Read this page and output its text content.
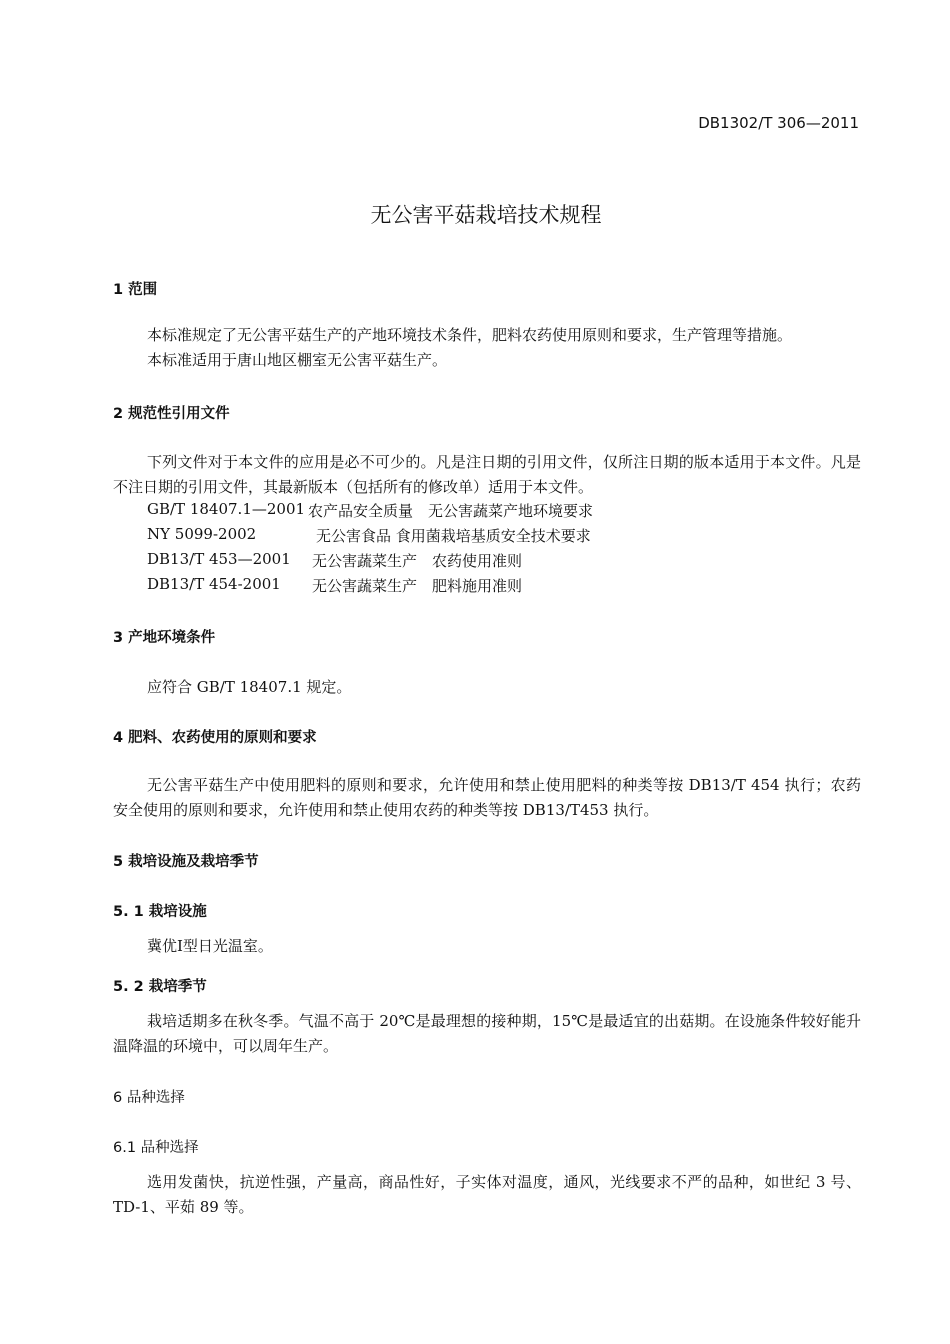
DB1302/T 306—2011
无公害平菇栽培技术规程
1 范围
本标准规定了无公害平菇生产的产地环境技术条件，肥料农药使用原则和要求，生产管理等措施。
本标准适用于唐山地区棚室无公害平菇生产。
2 规范性引用文件
下列文件对于本文件的应用是必不可少的。凡是注日期的引用文件，仅所注日期的版本适用于本文件。凡是不注日期的引用文件，其最新版本（包括所有的修改单）适用于本文件。
GB/T 18407.1—2001 农产品安全质量　无公害蔬菜产地环境要求
NY 5099-2002	无公害食品 食用菌栽培基质安全技术要求
DB13/T 453—2001 无公害蔬菜生产　农药使用准则
DB13/T 454-2001 无公害蔬菜生产　肥料施用准则
3 产地环境条件
应符合 GB/T 18407.1 规定。
4 肥料、农药使用的原则和要求
无公害平菇生产中使用肥料的原则和要求，允许使用和禁止使用肥料的种类等按 DB13/T 454 执行；农药安全使用的原则和要求，允许使用和禁止使用农药的种类等按 DB13/T453 执行。
5 栽培设施及栽培季节
5. 1 栽培设施
冀优Ⅰ型日光温室。
5. 2 栽培季节
栽培适期多在秋冬季。气温不高于 20℃是最理想的接种期，15℃是最适宜的出菇期。在设施条件较好能升温降温的环境中，可以周年生产。
6 品种选择
6.1 品种选择
选用发菌快，抗逆性强，产量高，商品性好，子实体对温度，通风，光线要求不严的品种，如世纪 3 号、TD-1、平茹 89 等。
